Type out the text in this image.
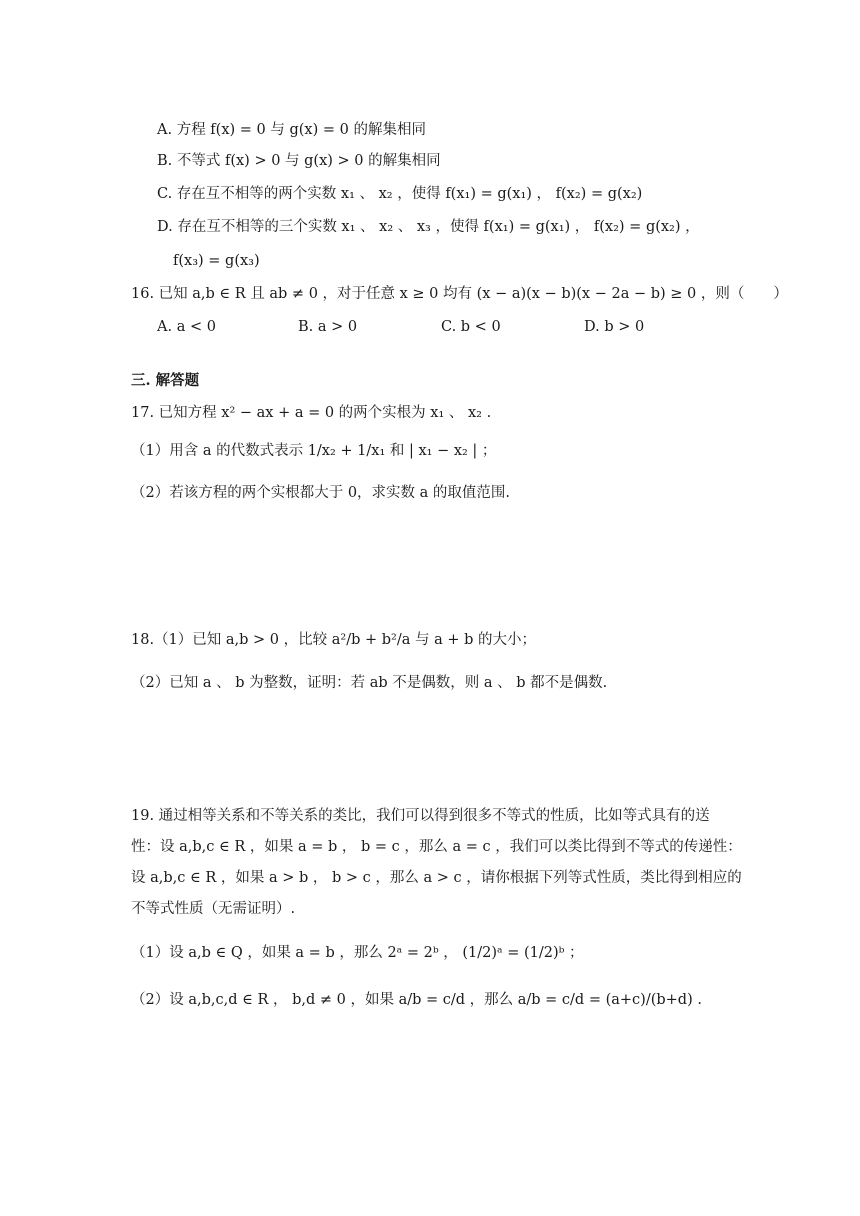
A. 方程 f(x) = 0 与 g(x) = 0 的解集相同
B. 不等式 f(x) > 0 与 g(x) > 0 的解集相同
C. 存在互不相等的两个实数 x₁ 、 x₂ ，使得 f(x₁) = g(x₁) ， f(x₂) = g(x₂)
D. 存在互不相等的三个实数 x₁ 、 x₂ 、 x₃ ，使得 f(x₁) = g(x₁) ， f(x₂) = g(x₂) ，
f(x₃) = g(x₃)
16. 已知 a,b ∈ R 且 ab ≠ 0 ，对于任意 x ≥ 0 均有 (x − a)(x − b)(x − 2a − b) ≥ 0 ，则（　　）
A. a < 0	B. a > 0	C. b < 0	D. b > 0
三. 解答题
17. 已知方程 x² − ax + a = 0 的两个实根为 x₁ 、 x₂ .
（1）用含 a 的代数式表示 1/x₂ + 1/x₁ 和 | x₁ − x₂ | ；
（2）若该方程的两个实根都大于 0，求实数 a 的取值范围.
18.（1）已知 a,b > 0 ，比较 a²/b + b²/a 与 a + b 的大小；
（2）已知 a 、 b 为整数，证明：若 ab 不是偶数，则 a 、 b 都不是偶数.
19. 通过相等关系和不等关系的类比，我们可以得到很多不等式的性质，比如等式具有的送
性：设 a,b,c ∈ R ，如果 a = b ， b = c ，那么 a = c ，我们可以类比得到不等式的传递性：
设 a,b,c ∈ R ，如果 a > b ， b > c ，那么 a > c ，请你根据下列等式性质，类比得到相应的
不等式性质（无需证明）.
（1）设 a,b ∈ Q ，如果 a = b ，那么 2ᵃ = 2ᵇ ， (1/2)ᵃ = (1/2)ᵇ ；
（2）设 a,b,c,d ∈ R ， b,d ≠ 0 ，如果 a/b = c/d ，那么 a/b = c/d = (a+c)/(b+d) .
